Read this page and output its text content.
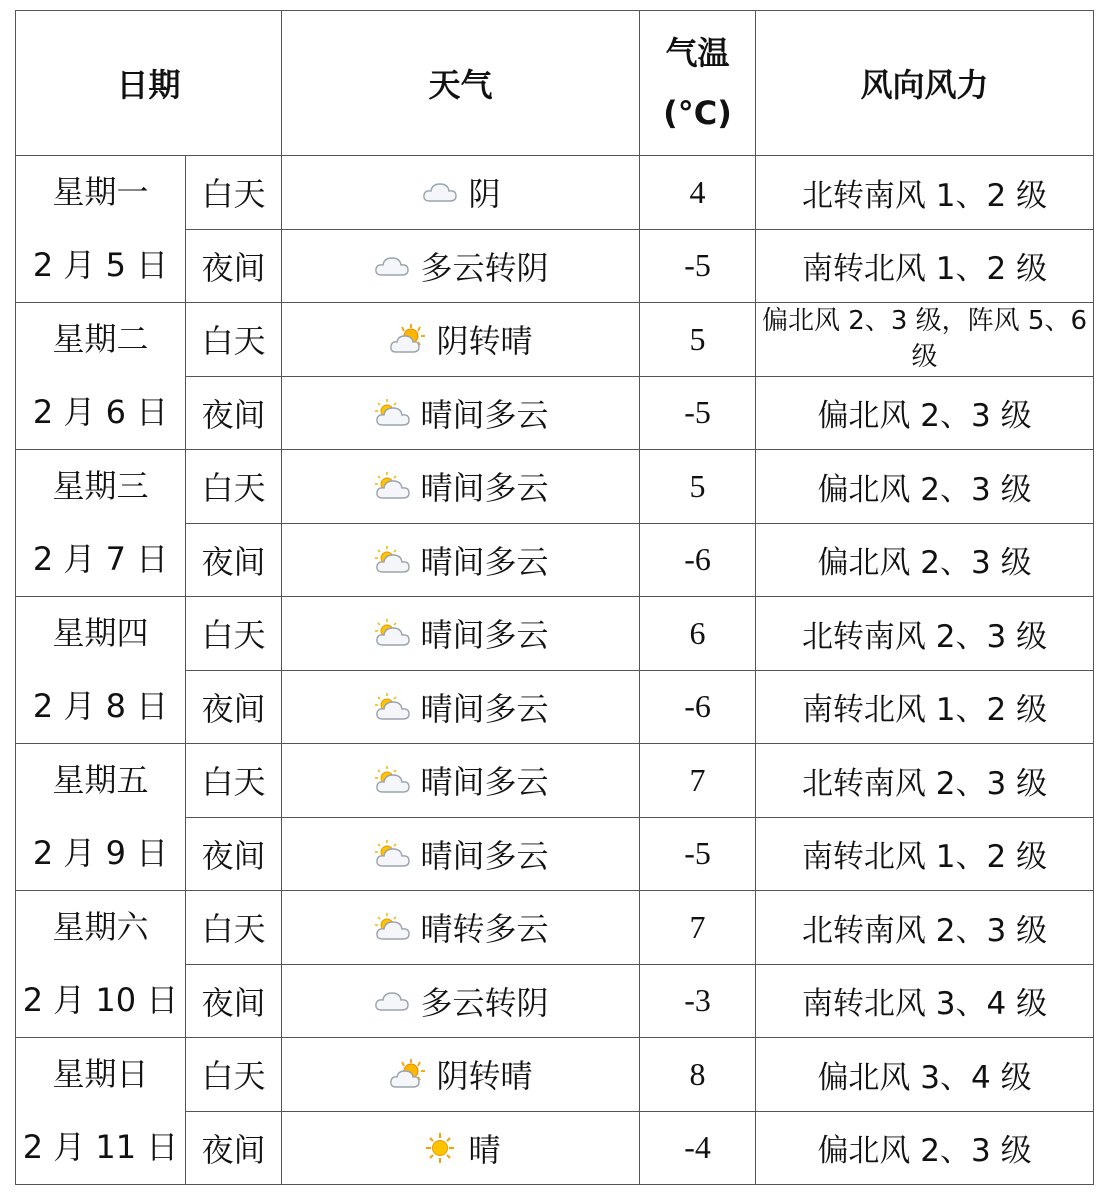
日期		天气	气温
(°C)	风向风力

星期一
2 月 5 日	白天	阴	4	北转南风 1、2 级
	夜间	多云转阴	-5	南转北风 1、2 级

星期二
2 月 6 日	白天	阴转晴	5	偏北风 2、3 级，阵风 5、6 级
	夜间	晴间多云	-5	偏北风 2、3 级

星期三
2 月 7 日	白天	晴间多云	5	偏北风 2、3 级
	夜间	晴间多云	-6	偏北风 2、3 级

星期四
2 月 8 日	白天	晴间多云	6	北转南风 2、3 级
	夜间	晴间多云	-6	南转北风 1、2 级

星期五
2 月 9 日	白天	晴间多云	7	北转南风 2、3 级
	夜间	晴间多云	-5	南转北风 1、2 级

星期六
2 月 10 日	白天	晴转多云	7	北转南风 2、3 级
	夜间	多云转阴	-3	南转北风 3、4 级

星期日
2 月 11 日	白天	阴转晴	8	偏北风 3、4 级
	夜间	晴	-4	偏北风 2、3 级
